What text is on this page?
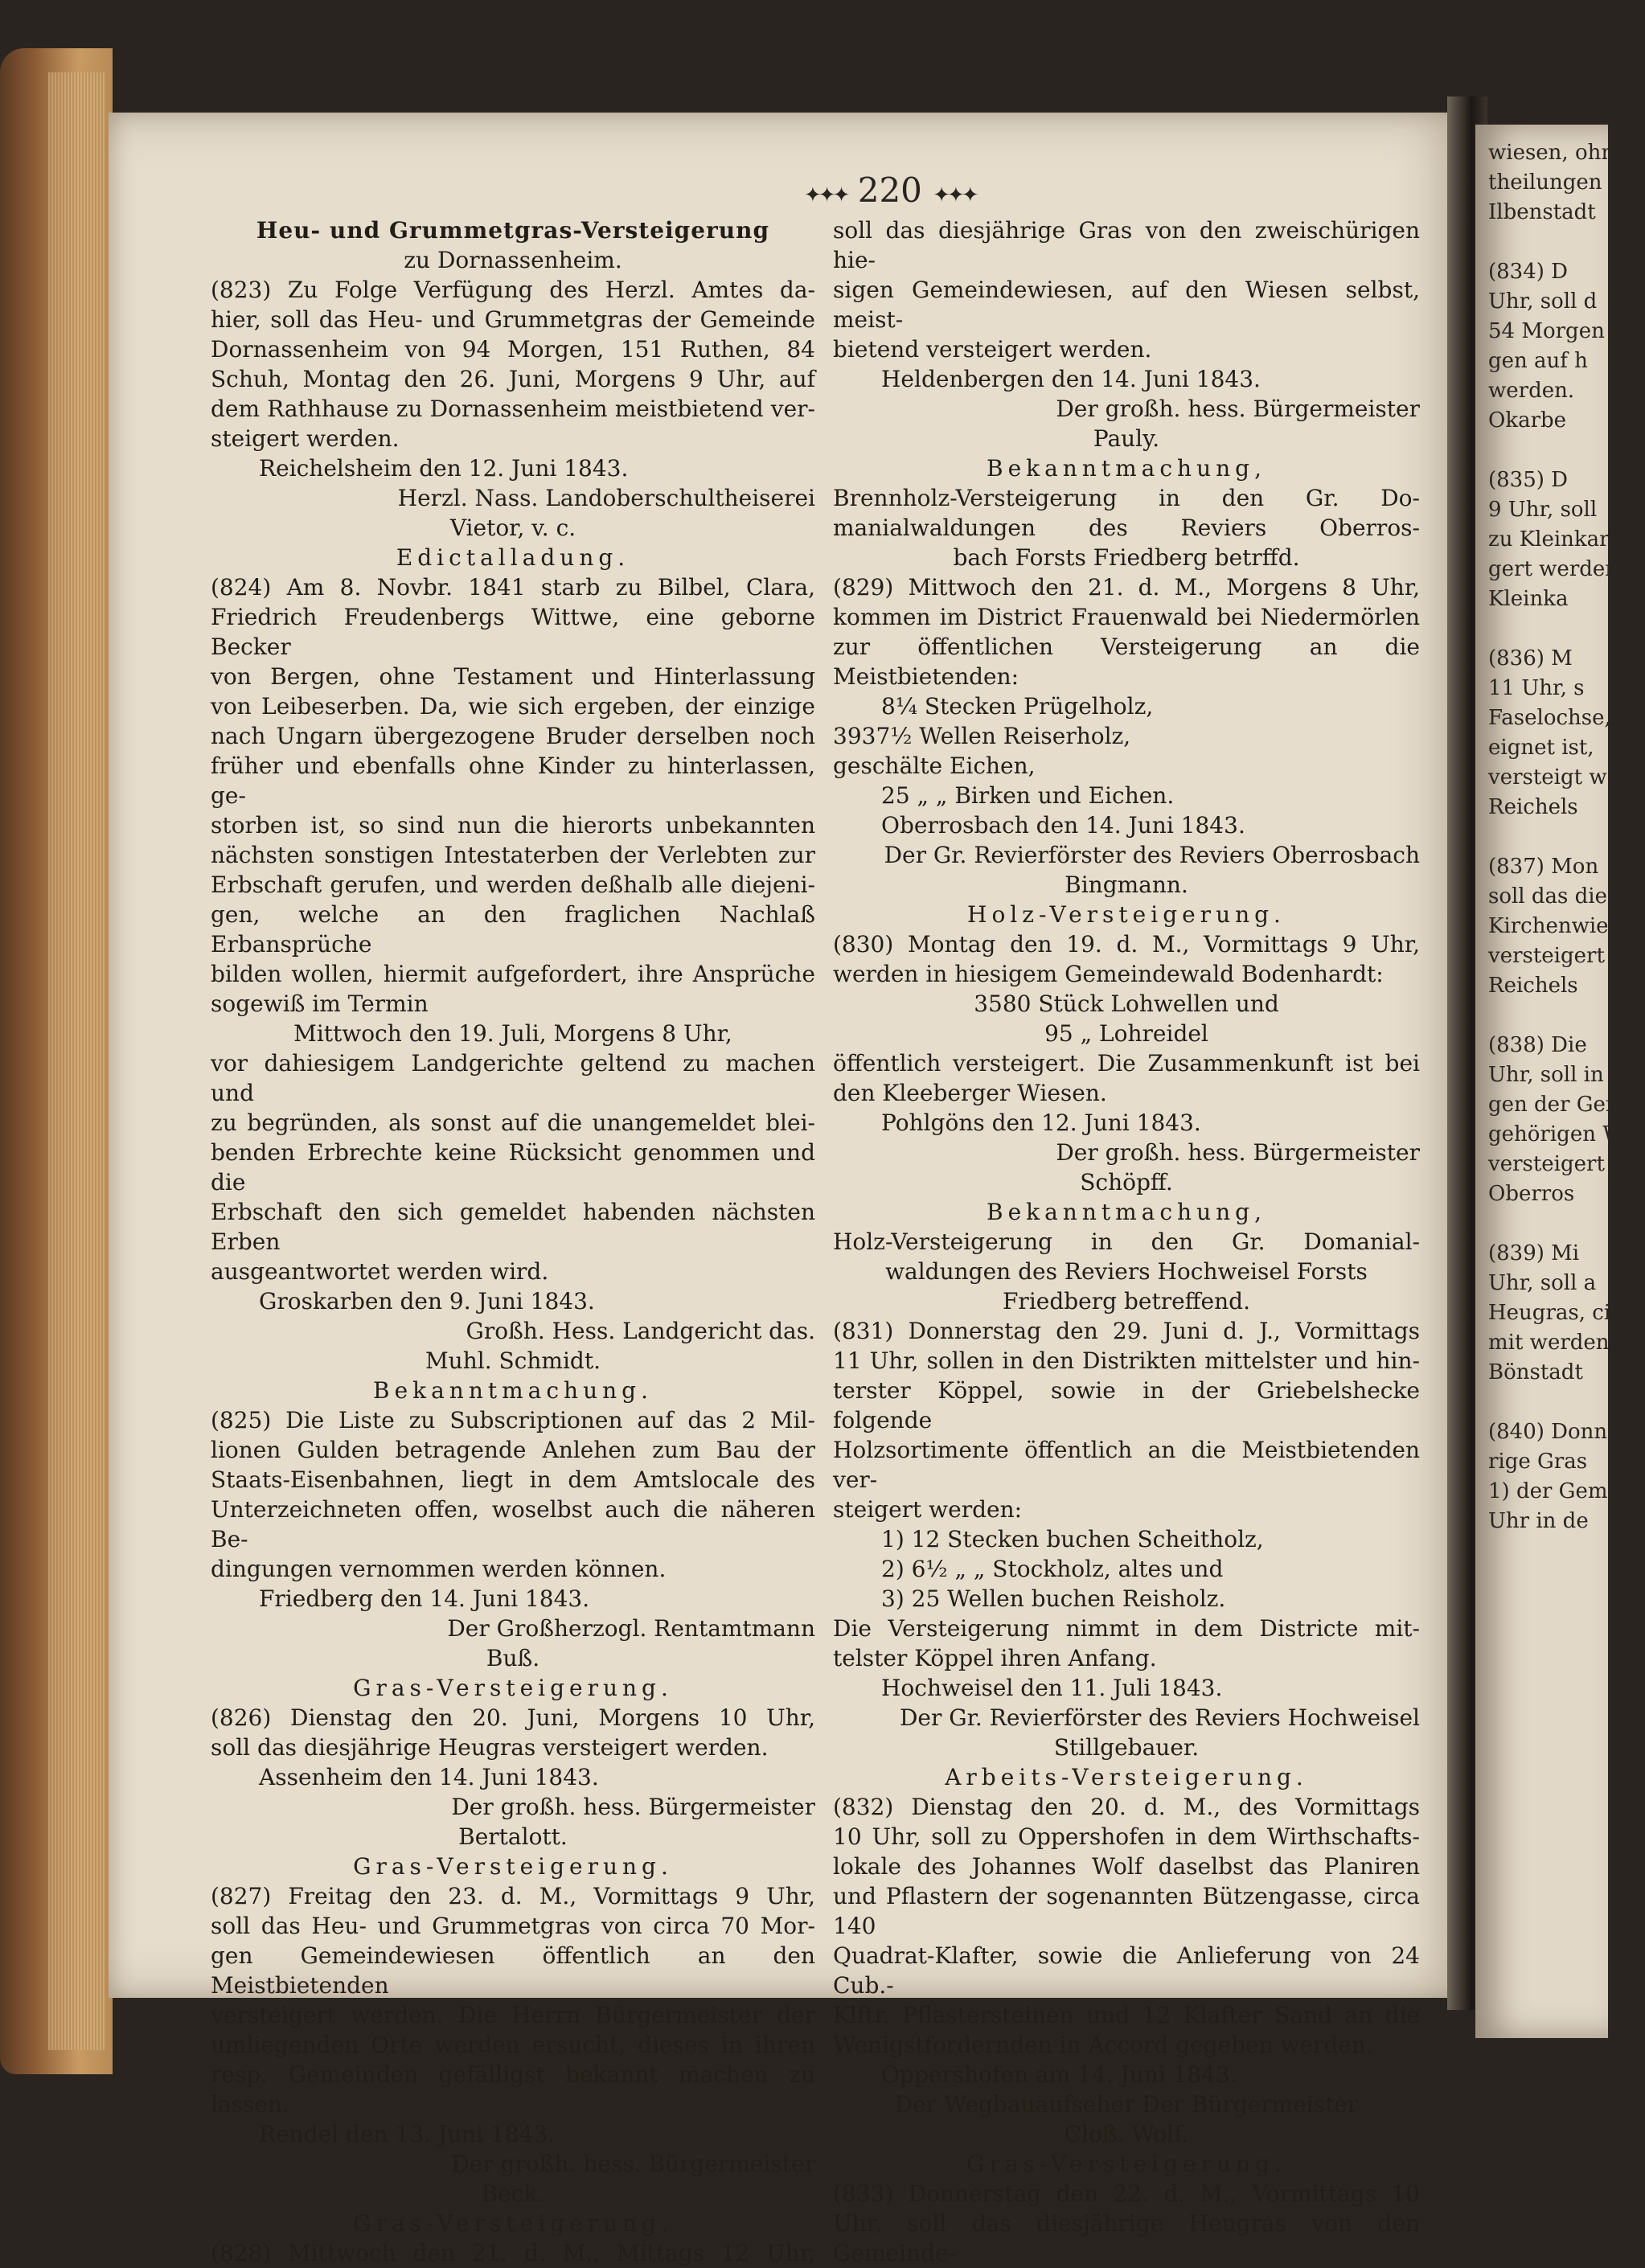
wiesen, ohne
theilungen w
Ilbenstadt
(834) D
Uhr, soll d
54 Morgen
gen auf h
werden.
Okarbe
(835) D
9 Uhr, soll
zu Kleinkar
gert werden
Kleinka
(836) M
11 Uhr, s
Faselochse,
eignet ist,
versteigt wer
Reichels
(837) Mon
soll das dies
Kirchenwiesen
versteigert we
Reichels
(838) Die
Uhr, soll in
gen der Gem
gehörigen W
versteigert we
Oberros
(839) Mi
Uhr, soll a
Heugras, cir
mit werden.
Bönstadt
(840) Donne
rige Gras
1) der Gem
Uhr in de
✦✦✦ 220 ✦✦✦

Heu- und Grummetgras-Versteigerung

zu Dornassenheim.

(823) Zu Folge Verfügung des Herzl. Amtes da-

hier, soll das Heu- und Grummetgras der Gemeinde

Dornassenheim von 94 Morgen, 151 Ruthen, 84

Schuh, Montag den 26. Juni, Morgens 9 Uhr, auf

dem Rathhause zu Dornassenheim meistbietend ver-

steigert werden.

Reichelsheim den 12. Juni 1843.

Herzl. Nass. Landoberschultheiserei

Vietor, v. c.

Edictalladung.

(824) Am 8. Novbr. 1841 starb zu Bilbel, Clara,

Friedrich Freudenbergs Wittwe, eine geborne Becker

von Bergen, ohne Testament und Hinterlassung

von Leibeserben. Da, wie sich ergeben, der einzige

nach Ungarn übergezogene Bruder derselben noch

früher und ebenfalls ohne Kinder zu hinterlassen, ge-

storben ist, so sind nun die hierorts unbekannten

nächsten sonstigen Intestaterben der Verlebten zur

Erbschaft gerufen, und werden deßhalb alle diejeni-

gen, welche an den fraglichen Nachlaß Erbansprüche

bilden wollen, hiermit aufgefordert, ihre Ansprüche

sogewiß im Termin

Mittwoch den 19. Juli, Morgens 8 Uhr,

vor dahiesigem Landgerichte geltend zu machen und

zu begründen, als sonst auf die unangemeldet blei-

benden Erbrechte keine Rücksicht genommen und die

Erbschaft den sich gemeldet habenden nächsten Erben

ausgeantwortet werden wird.

Groskarben den 9. Juni 1843.

Großh. Hess. Landgericht das.

Muhl. Schmidt.

Bekanntmachung.

(825) Die Liste zu Subscriptionen auf das 2 Mil-

lionen Gulden betragende Anlehen zum Bau der

Staats-Eisenbahnen, liegt in dem Amtslocale des

Unterzeichneten offen, woselbst auch die näheren Be-

dingungen vernommen werden können.

Friedberg den 14. Juni 1843.

Der Großherzogl. Rentamtmann

Buß.

Gras-Versteigerung.

(826) Dienstag den 20. Juni, Morgens 10 Uhr,

soll das diesjährige Heugras versteigert werden.

Assenheim den 14. Juni 1843.

Der großh. hess. Bürgermeister

Bertalott.

Gras-Versteigerung.

(827) Freitag den 23. d. M., Vormittags 9 Uhr,

soll das Heu- und Grummetgras von circa 70 Mor-

gen Gemeindewiesen öffentlich an den Meistbietenden

versteigert werden. Die Herrn Bürgermeister der

umliegenden Orte werden ersucht, dieses in ihren

resp. Gemeinden gefälligst bekannt machen zu lassen.

Rendel den 13. Juni 1843.

Der großh. hess. Bürgermeister

Beck.

Gras-Versteigerung.

(828) Mittwoch den 21. d. M., Mittags 12 Uhr,

soll das diesjährige Gras von den zweischürigen hie-

sigen Gemeindewiesen, auf den Wiesen selbst, meist-

bietend versteigert werden.

Heldenbergen den 14. Juni 1843.

Der großh. hess. Bürgermeister

Pauly.

Bekanntmachung,

Brennholz-Versteigerung in den Gr. Do-

manialwaldungen des Reviers Oberros-

bach Forsts Friedberg betrffd.

(829) Mittwoch den 21. d. M., Morgens 8 Uhr,

kommen im District Frauenwald bei Niedermörlen

zur öffentlichen Versteigerung an die Meistbietenden:

8¼ Stecken Prügelholz,

3937½ Wellen Reiserholz,

geschälte Eichen,

25 „ „ Birken und Eichen.

Oberrosbach den 14. Juni 1843.

Der Gr. Revierförster des Reviers Oberrosbach

Bingmann.

Holz-Versteigerung.

(830) Montag den 19. d. M., Vormittags 9 Uhr,

werden in hiesigem Gemeindewald Bodenhardt:

3580 Stück Lohwellen und

95 „ Lohreidel

öffentlich versteigert. Die Zusammenkunft ist bei

den Kleeberger Wiesen.

Pohlgöns den 12. Juni 1843.

Der großh. hess. Bürgermeister

Schöpff.

Bekanntmachung,

Holz-Versteigerung in den Gr. Domanial-

waldungen des Reviers Hochweisel Forsts

Friedberg betreffend.

(831) Donnerstag den 29. Juni d. J., Vormittags

11 Uhr, sollen in den Distrikten mittelster und hin-

terster Köppel, sowie in der Griebelshecke folgende

Holzsortimente öffentlich an die Meistbietenden ver-

steigert werden:

1) 12 Stecken buchen Scheitholz,

2) 6½ „ „ Stockholz, altes und

3) 25 Wellen buchen Reisholz.

Die Versteigerung nimmt in dem Districte mit-

telster Köppel ihren Anfang.

Hochweisel den 11. Juli 1843.

Der Gr. Revierförster des Reviers Hochweisel

Stillgebauer.

Arbeits-Versteigerung.

(832) Dienstag den 20. d. M., des Vormittags

10 Uhr, soll zu Oppershofen in dem Wirthschafts-

lokale des Johannes Wolf daselbst das Planiren

und Pflastern der sogenannten Bützengasse, circa 140

Quadrat-Klafter, sowie die Anlieferung von 24 Cub.-

Klftr. Pflastersteinen und 12 Klafter Sand an die

Wenigstfordernden in Accord gegeben werden.

Oppershofen am 14. Juni 1843.

Der Wegbauaufseher Der Bürgermeister

Cloß. Wolf.

Gras-Versteigerung.

(833) Donnerstag den 22. d. M., Vormittags 10

Uhr, soll das diesjährige Heugras von den Gemeinde-
